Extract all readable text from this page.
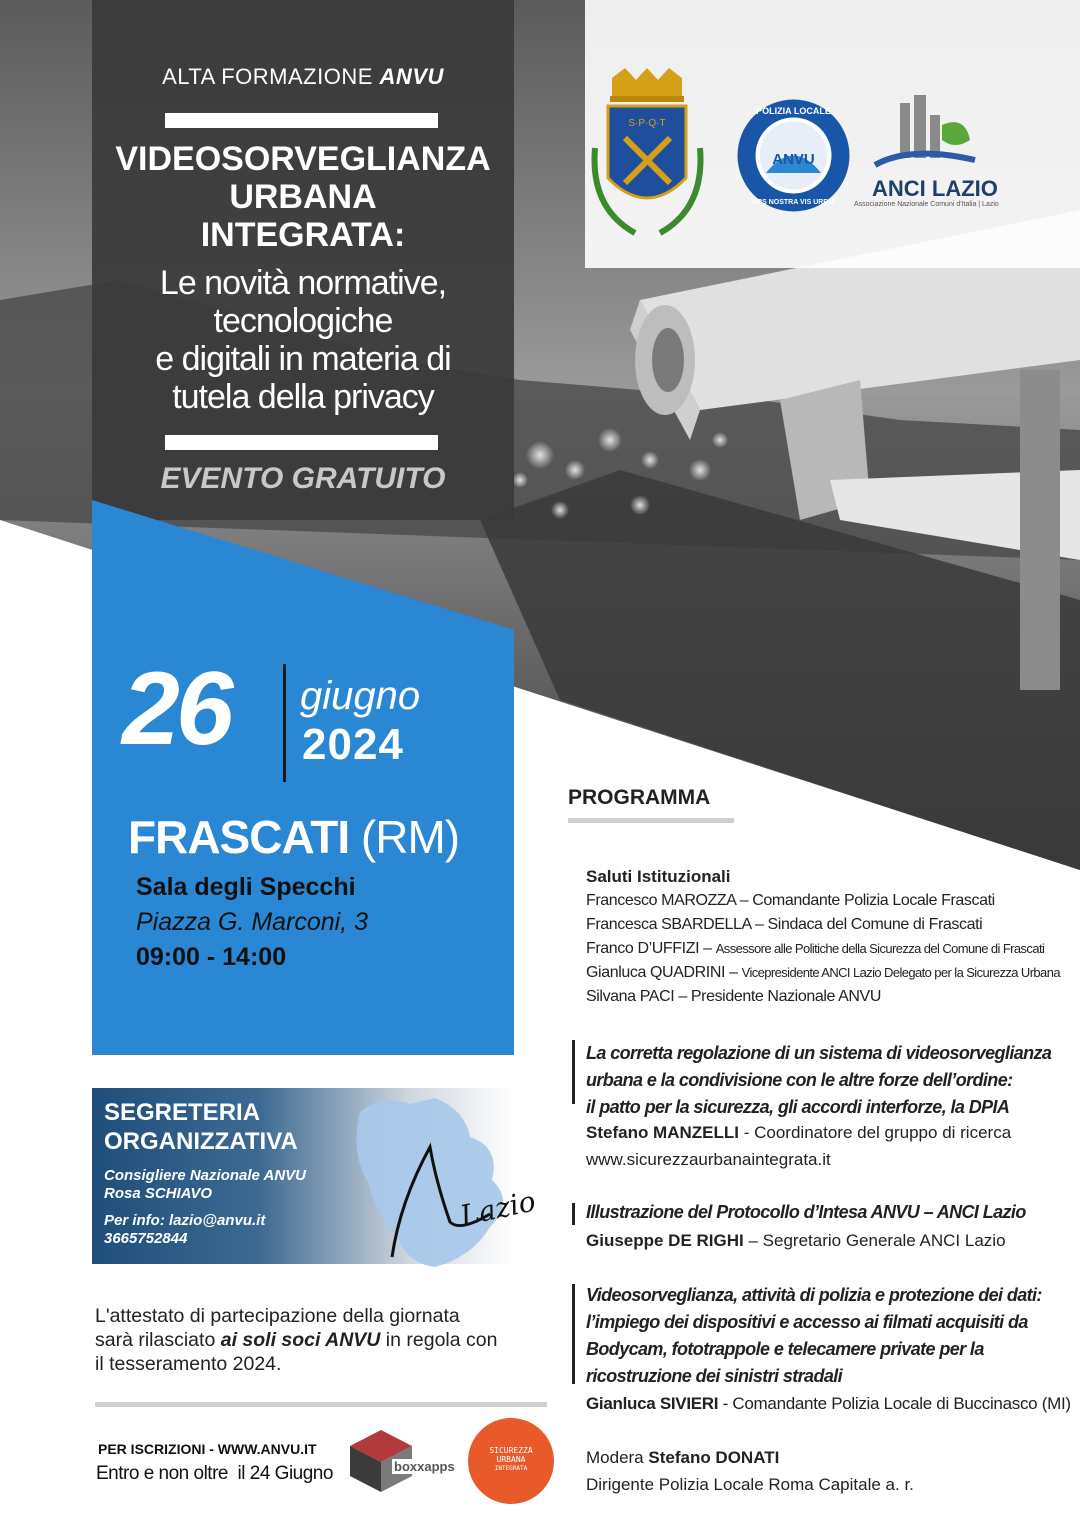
S·P·Q·T
POLIZIA LOCALE
ANVU
ARS NOSTRA VIS URBIS
ANCI LAZIO
Associazione Nazionale Comuni d'Italia | Lazio
ALTA FORMAZIONE ANVU
VIDEOSORVEGLIANZA
URBANA
INTEGRATA:
Le novità normative,
tecnologiche
e digitali in materia di
tutela della privacy
EVENTO GRATUITO
26 giugno
2024
FRASCATI (RM)
Sala degli Specchi
Piazza G. Marconi, 3
09:00 - 14:00
Lazio
SEGRETERIA
ORGANIZZATIVA
Consigliere Nazionale ANVU
Rosa SCHIAVO
Per info: lazio@anvu.it
3665752844
L'attestato di partecipazione della giornata
sarà rilasciato ai soli soci ANVU in regola con
il tesseramento 2024.
PER ISCRIZIONI - WWW.ANVU.IT
Entro e non oltre  il 24 Giugno	boxxapps
SICUREZZA
URBANA
INTEGRATA
PROGRAMMA
Saluti Istituzionali
Francesco MAROZZA – Comandante Polizia Locale Frascati
Francesca SBARDELLA – Sindaca del Comune di Frascati
Franco D’UFFIZI – Assessore alle Politiche della Sicurezza del Comune di Frascati
Gianluca QUADRINI – Vicepresidente ANCI Lazio Delegato per la Sicurezza Urbana
Silvana PACI – Presidente Nazionale ANVU
La corretta regolazione di un sistema di videosorveglianza
urbana e la condivisione con le altre forze dell’ordine:
il patto per la sicurezza, gli accordi interforze, la DPIA
Stefano MANZELLI - Coordinatore del gruppo di ricerca
www.sicurezzaurbanaintegrata.it
Illustrazione del Protocollo d’Intesa ANVU – ANCI Lazio
Giuseppe DE RIGHI – Segretario Generale ANCI Lazio
Videosorveglianza, attività di polizia e protezione dei dati:
l’impiego dei dispositivi e accesso ai filmati acquisiti da
Bodycam, fototrappole e telecamere private per la
ricostruzione dei sinistri stradali
Gianluca SIVIERI - Comandante Polizia Locale di Buccinasco (MI)
Modera Stefano DONATI
Dirigente Polizia Locale Roma Capitale a. r.
